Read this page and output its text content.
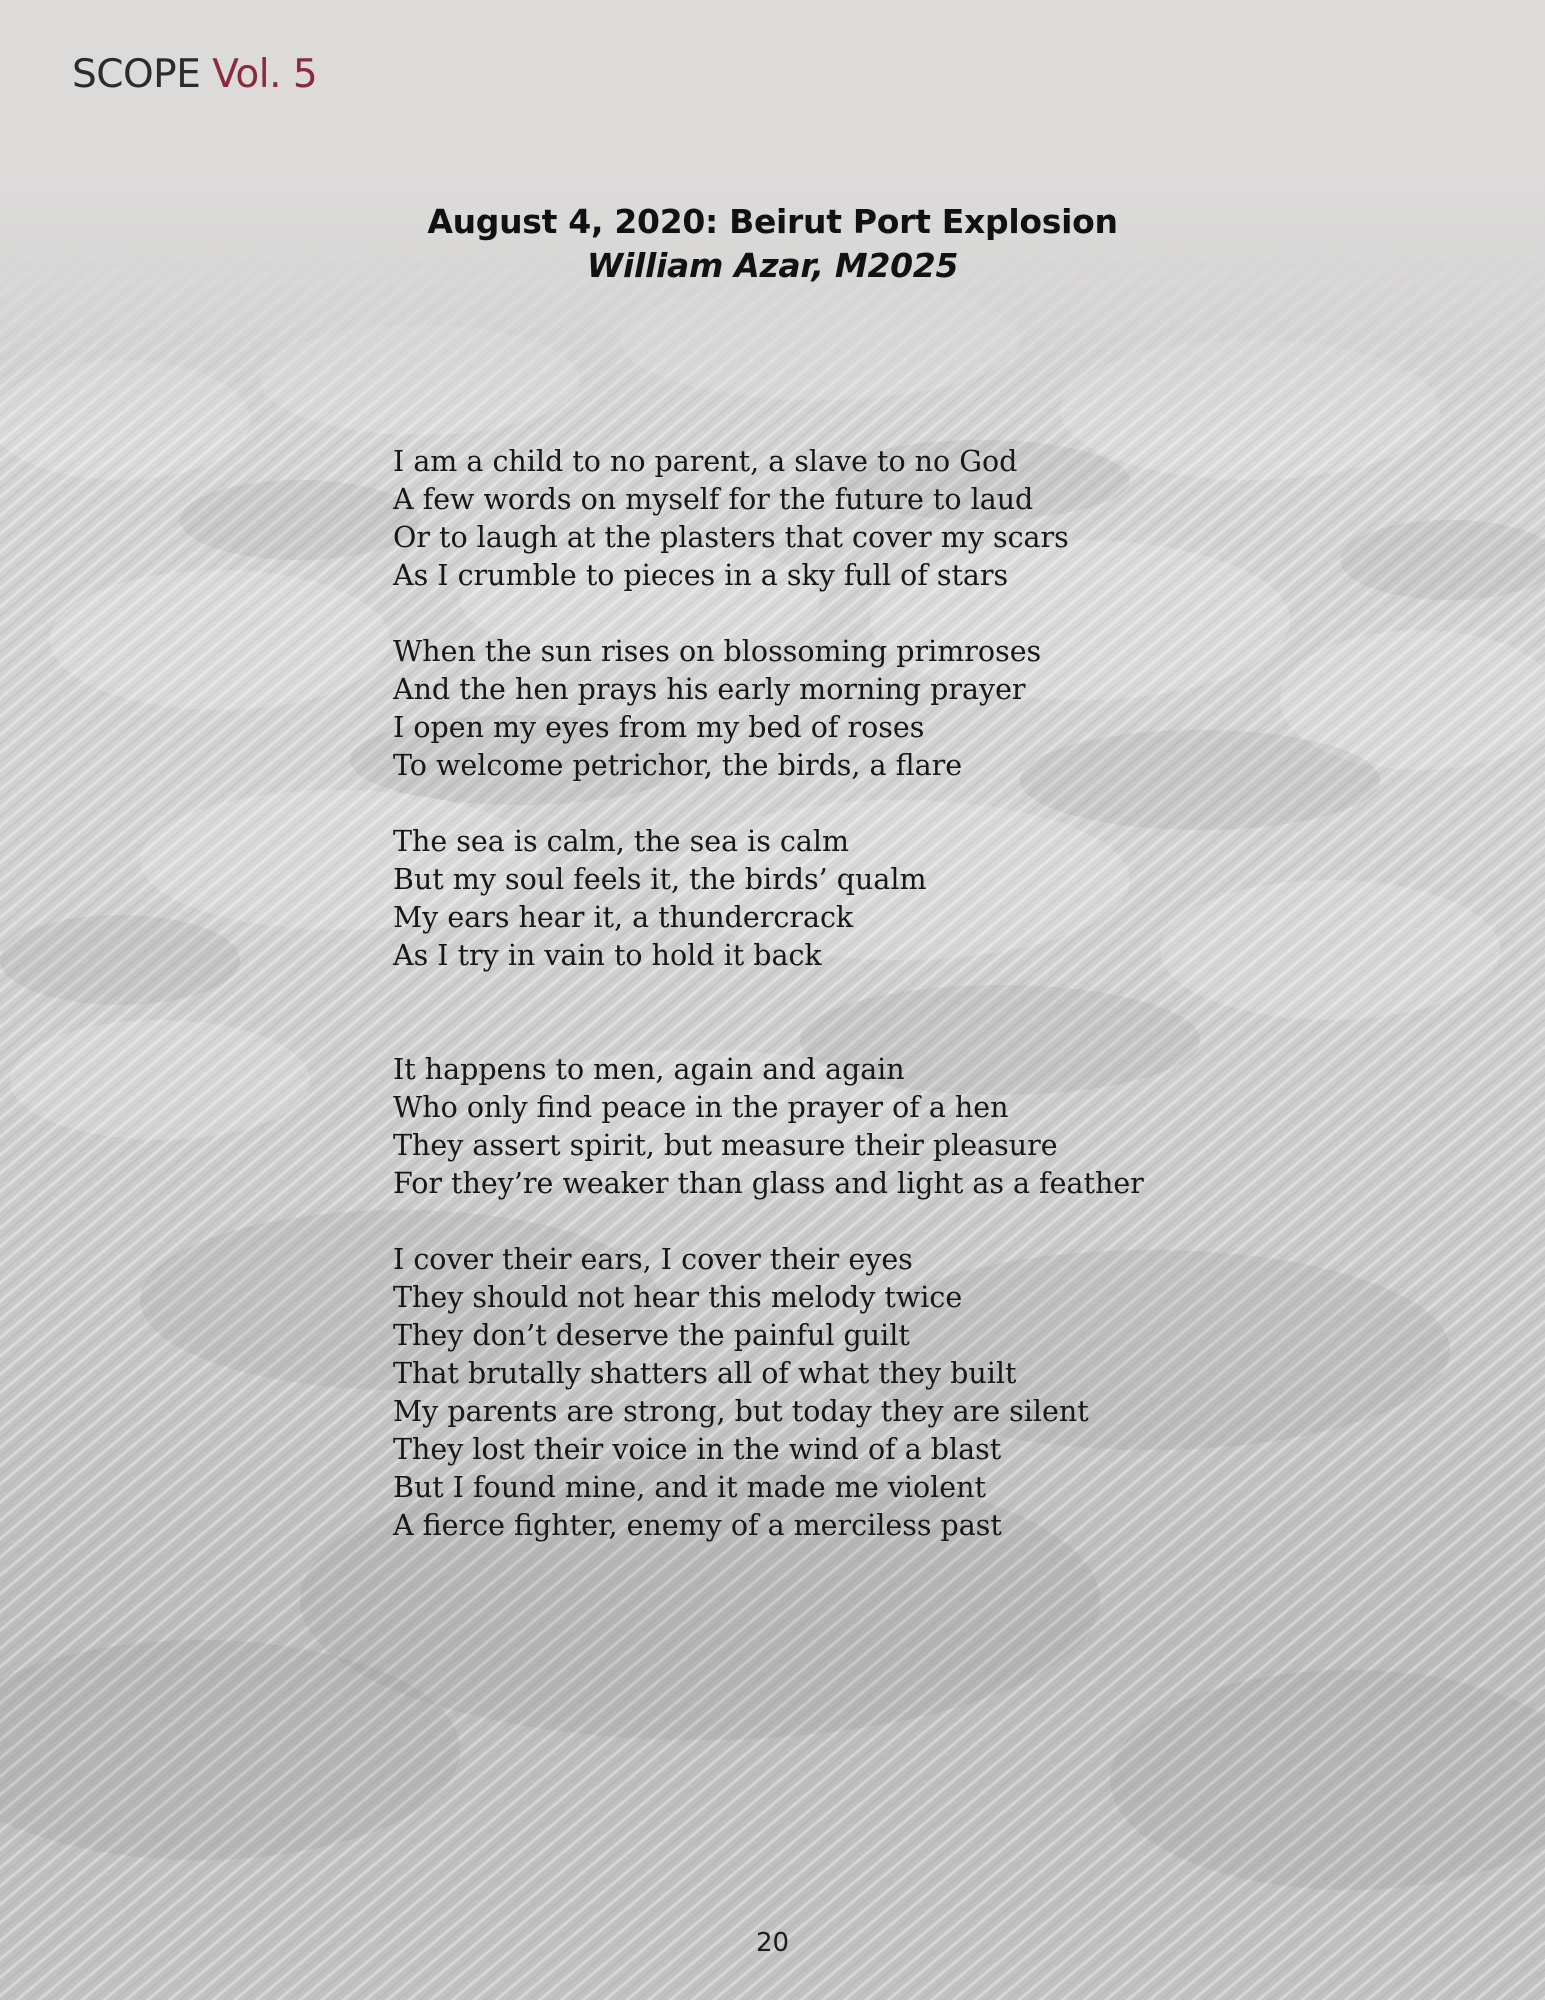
SCOPE Vol. 5
August 4, 2020: Beirut Port Explosion
William Azar, M2025
I am a child to no parent, a slave to no God
A few words on myself for the future to laud
Or to laugh at the plasters that cover my scars
As I crumble to pieces in a sky full of stars
When the sun rises on blossoming primroses
And the hen prays his early morning prayer
I open my eyes from my bed of roses
To welcome petrichor, the birds, a flare
The sea is calm, the sea is calm
But my soul feels it, the birds’ qualm
My ears hear it, a thundercrack
As I try in vain to hold it back
It happens to men, again and again
Who only find peace in the prayer of a hen
They assert spirit, but measure their pleasure
For they’re weaker than glass and light as a feather
I cover their ears, I cover their eyes
They should not hear this melody twice
They don’t deserve the painful guilt
That brutally shatters all of what they built
My parents are strong, but today they are silent
They lost their voice in the wind of a blast
But I found mine, and it made me violent
A fierce fighter, enemy of a merciless past
20
